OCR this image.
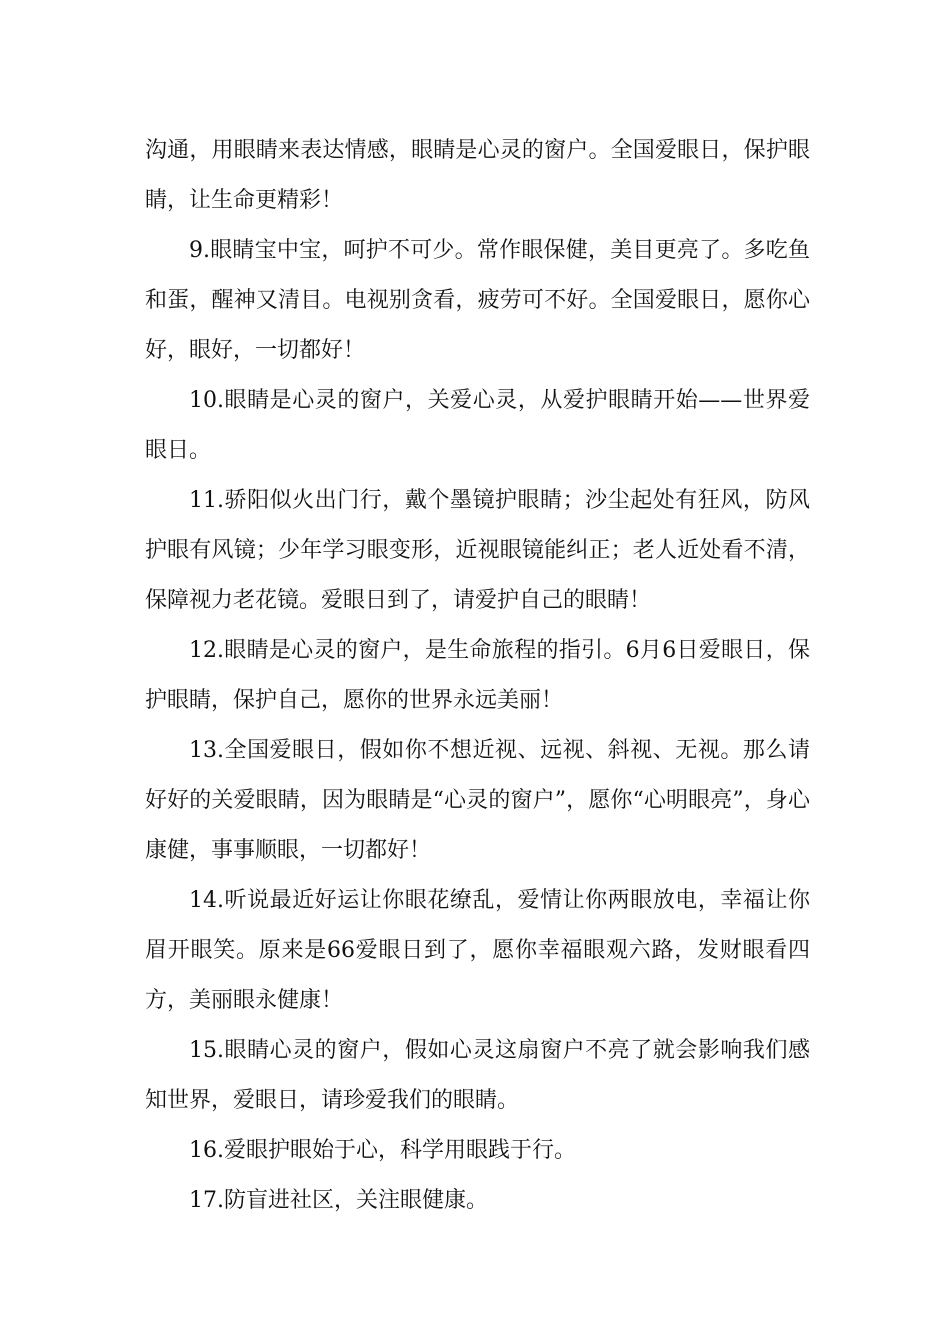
沟通，用眼睛来表达情感，眼睛是心灵的窗户。全国爱眼日，保护眼睛，让生命更精彩！

9.眼睛宝中宝，呵护不可少。常作眼保健，美目更亮了。多吃鱼和蛋，醒神又清目。电视别贪看，疲劳可不好。全国爱眼日，愿你心好，眼好，一切都好！

10.眼睛是心灵的窗户，关爱心灵，从爱护眼睛开始——世界爱眼日。

11.骄阳似火出门行，戴个墨镜护眼睛；沙尘起处有狂风，防风护眼有风镜；少年学习眼变形，近视眼镜能纠正；老人近处看不清，保障视力老花镜。爱眼日到了，请爱护自己的眼睛！

12.眼睛是心灵的窗户，是生命旅程的指引。6月6日爱眼日，保护眼睛，保护自己，愿你的世界永远美丽！

13.全国爱眼日，假如你不想近视、远视、斜视、无视。那么请好好的关爱眼睛，因为眼睛是“心灵的窗户”，愿你“心明眼亮”，身心康健，事事顺眼，一切都好！

14.听说最近好运让你眼花缭乱，爱情让你两眼放电，幸福让你眉开眼笑。原来是66爱眼日到了，愿你幸福眼观六路，发财眼看四方，美丽眼永健康！

15.眼睛心灵的窗户，假如心灵这扇窗户不亮了就会影响我们感知世界，爱眼日，请珍爱我们的眼睛。

16.爱眼护眼始于心，科学用眼践于行。

17.防盲进社区，关注眼健康。
